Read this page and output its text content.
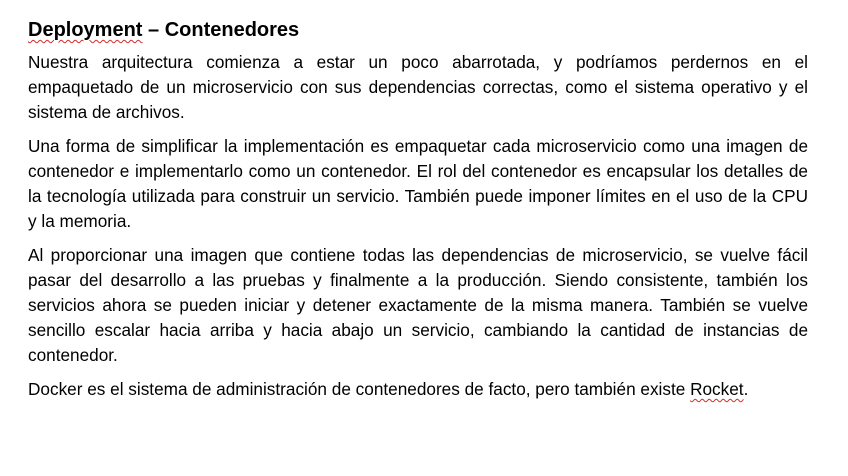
Deployment – Contenedores

Nuestra arquitectura comienza a estar un poco abarrotada, y podríamos perdernos en el empaquetado de un microservicio con sus dependencias correctas, como el sistema operativo y el sistema de archivos.

Una forma de simplificar la implementación es empaquetar cada microservicio como una imagen de contenedor e implementarlo como un contenedor. El rol del contenedor es encapsular los detalles de la tecnología utilizada para construir un servicio. También puede imponer límites en el uso de la CPU y la memoria.

Al proporcionar una imagen que contiene todas las dependencias de microservicio, se vuelve fácil pasar del desarrollo a las pruebas y finalmente a la producción. Siendo consistente, también los servicios ahora se pueden iniciar y detener exactamente de la misma manera. También se vuelve sencillo escalar hacia arriba y hacia abajo un servicio, cambiando la cantidad de instancias de contenedor.

Docker es el sistema de administración de contenedores de facto, pero también existe Rocket.
